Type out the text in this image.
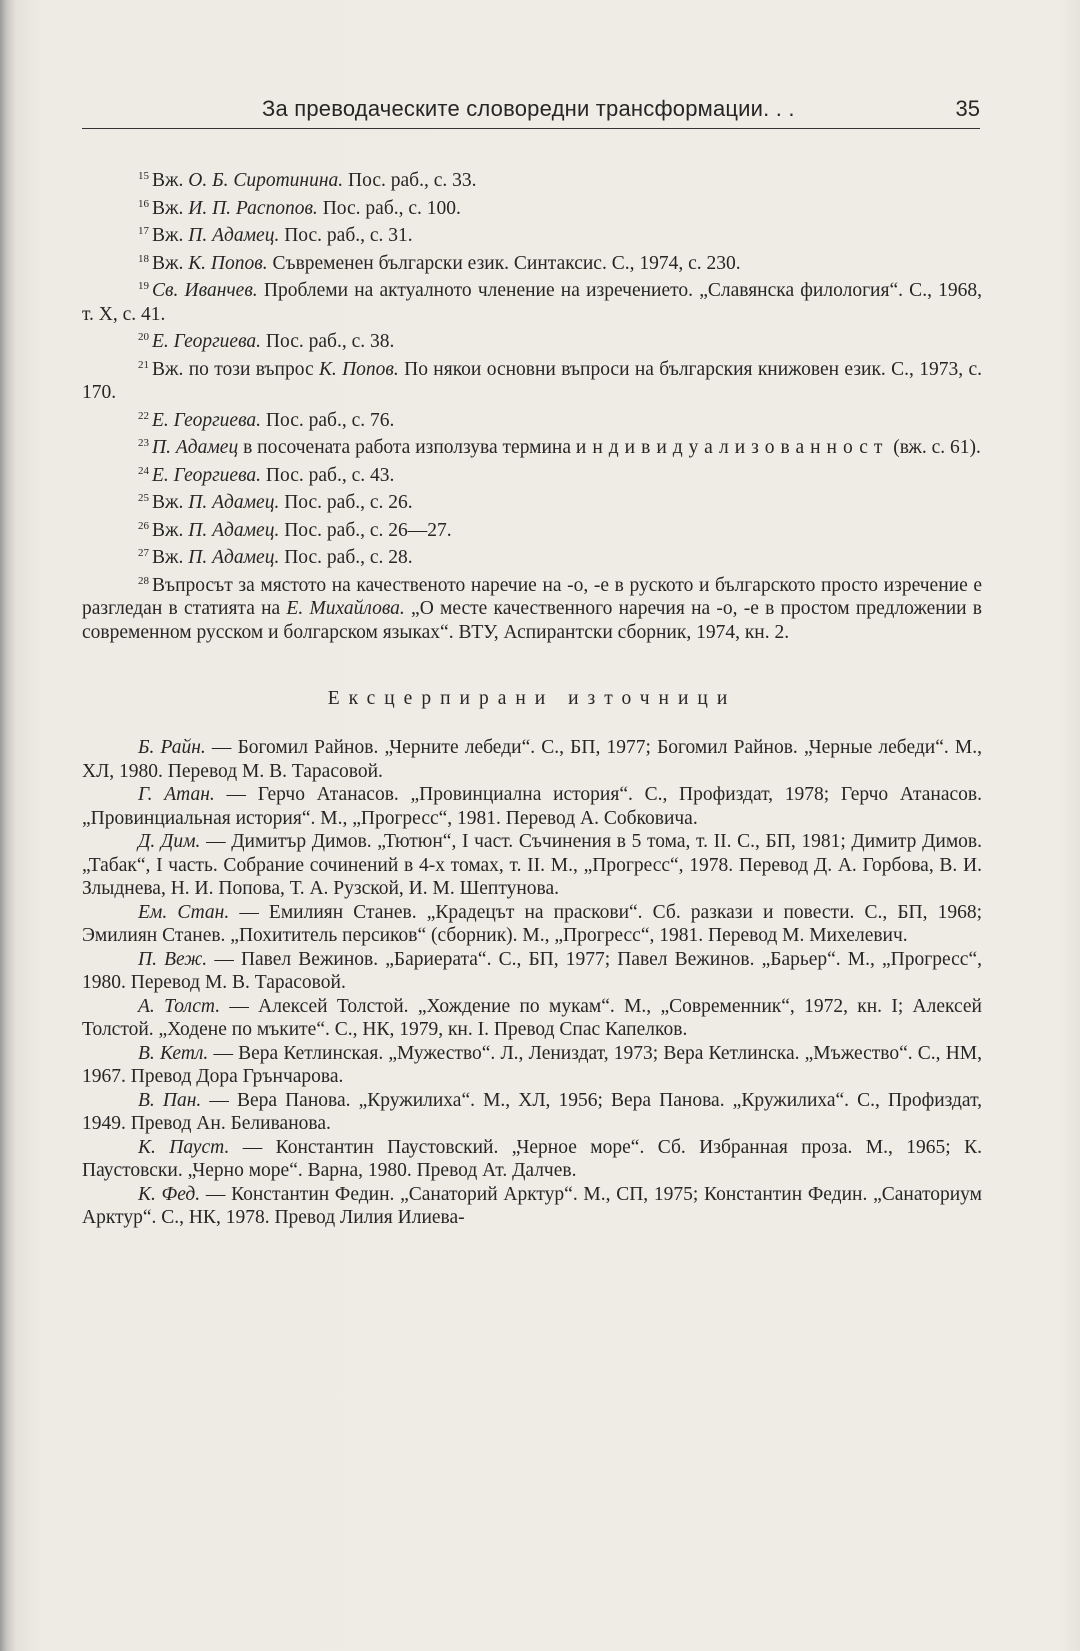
За преводаческите словоредни трансформации. . .	35

$^{15}$ Вж. О. Б. Сиротинина. Пос. раб., с. 33.

$^{16}$ Вж. И. П. Распопов. Пос. раб., с. 100.

$^{17}$ Вж. П. Адамец. Пос. раб., с. 31.

$^{18}$ Вж. К. Попов. Съвременен български език. Синтаксис. С., 1974, с. 230.

$^{19}$ Св. Иванчев. Проблеми на актуалното членение на изречението. „Славянска филология“. С., 1968, т. X, с. 41.

$^{20}$ Е. Георгиева. Пос. раб., с. 38.

$^{21}$ Вж. по този въпрос К. Попов. По някои основни въпроси на българския книжовен език. С., 1973, с. 170.

$^{22}$ Е. Георгиева. Пос. раб., с. 76.

$^{23}$ П. Адамец в посочената работа използува термина индивидуализованност (вж. с. 61).

$^{24}$ Е. Георгиева. Пос. раб., с. 43.

$^{25}$ Вж. П. Адамец. Пос. раб., с. 26.

$^{26}$ Вж. П. Адамец. Пос. раб., с. 26—27.

$^{27}$ Вж. П. Адамец. Пос. раб., с. 28.

$^{28}$ Въпросът за мястото на качественото наречие на -о, -е в руското и българското просто изречение е разгледан в статията на Е. Михайлова. „О месте качественного наречия на -о, -е в простом предложении в современном русском и болгарском языках“. ВТУ, Аспирантски сборник, 1974, кн. 2.

Ексцерпирани източници

Б. Райн. — Богомил Райнов. „Черните лебеди“. С., БП, 1977; Богомил Райнов. „Черные лебеди“. М., ХЛ, 1980. Перевод М. В. Тарасовой.

Г. Атан. — Герчо Атанасов. „Провинциална история“. С., Профиздат, 1978; Герчо Атанасов. „Провинциальная история“. М., „Прогресс“, 1981. Перевод А. Собковича.

Д. Дим. — Димитър Димов. „Тютюн“, I част. Съчинения в 5 тома, т. II. С., БП, 1981; Димитр Димов. „Табак“, I часть. Собрание сочинений в 4-х томах, т. II. М., „Прогресс“, 1978. Перевод Д. А. Горбова, В. И. Злыднева, Н. И. Попова, Т. А. Рузской, И. М. Шептунова.

Ем. Стан. — Емилиян Станев. „Крадецът на праскови“. Сб. разкази и повести. С., БП, 1968; Эмилиян Станев. „Похититель персиков“ (сборник). М., „Прогресс“, 1981. Перевод М. Михелевич.

П. Веж. — Павел Вежинов. „Бариерата“. С., БП, 1977; Павел Вежинов. „Барьер“. М., „Прогресс“, 1980. Перевод М. В. Тарасовой.

А. Толст. — Алексей Толстой. „Хождение по мукам“. М., „Современник“, 1972, кн. I; Алексей Толстой. „Ходене по мъките“. С., НК, 1979, кн. I. Превод Спас Капелков.

В. Кетл. — Вера Кетлинская. „Мужество“. Л., Лениздат, 1973; Вера Кетлинска. „Мъжество“. С., НМ, 1967. Превод Дора Грънчарова.

В. Пан. — Вера Панова. „Кружилиха“. М., ХЛ, 1956; Вера Панова. „Кружилиха“. С., Профиздат, 1949. Превод Ан. Беливанова.

К. Пауст. — Константин Паустовский. „Черное море“. Сб. Избранная проза. М., 1965; К. Паустовски. „Черно море“. Варна, 1980. Превод Ат. Далчев.

К. Фед. — Константин Федин. „Санаторий Арктур“. М., СП, 1975; Константин Федин. „Санаториум Арктур“. С., НК, 1978. Превод Лилия Илиева-
